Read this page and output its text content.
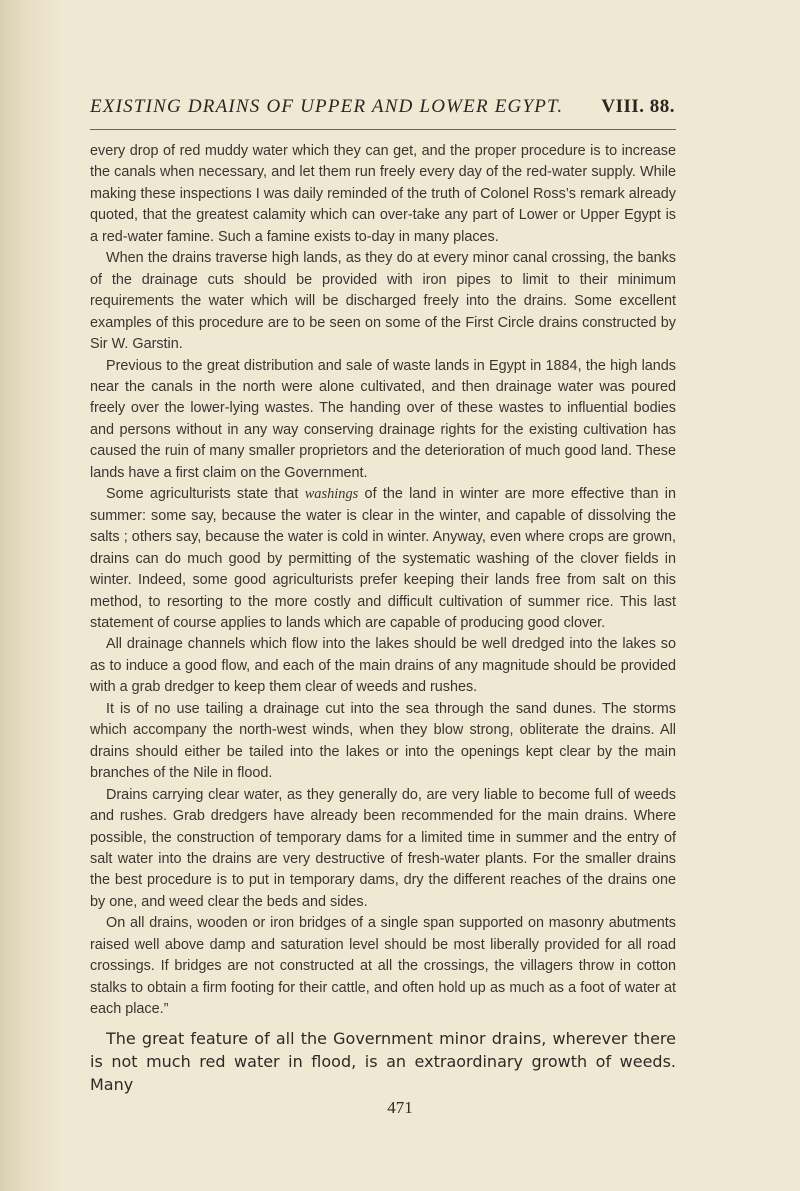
EXISTING DRAINS OF UPPER AND LOWER EGYPT. VIII. 88.

every drop of red muddy water which they can get, and the proper procedure is to increase the canals when necessary, and let them run freely every day of the red-water supply. While making these inspections I was daily reminded of the truth of Colonel Ross’s remark already quoted, that the greatest calamity which can over-take any part of Lower or Upper Egypt is a red-water famine. Such a famine exists to-day in many places.

When the drains traverse high lands, as they do at every minor canal crossing, the banks of the drainage cuts should be provided with iron pipes to limit to their minimum requirements the water which will be discharged freely into the drains. Some excellent examples of this procedure are to be seen on some of the First Circle drains constructed by Sir W. Garstin.

Previous to the great distribution and sale of waste lands in Egypt in 1884, the high lands near the canals in the north were alone cultivated, and then drainage water was poured freely over the lower-lying wastes. The handing over of these wastes to influential bodies and persons without in any way conserving drainage rights for the existing cultivation has caused the ruin of many smaller proprietors and the deterioration of much good land. These lands have a first claim on the Government.

Some agriculturists state that washings of the land in winter are more effective than in summer: some say, because the water is clear in the winter, and capable of dissolving the salts ; others say, because the water is cold in winter. Anyway, even where crops are grown, drains can do much good by permitting of the systematic washing of the clover fields in winter. Indeed, some good agriculturists prefer keeping their lands free from salt on this method, to resorting to the more costly and difficult cultivation of summer rice. This last statement of course applies to lands which are capable of producing good clover.

All drainage channels which flow into the lakes should be well dredged into the lakes so as to induce a good flow, and each of the main drains of any magnitude should be provided with a grab dredger to keep them clear of weeds and rushes.

It is of no use tailing a drainage cut into the sea through the sand dunes. The storms which accompany the north-west winds, when they blow strong, obliterate the drains. All drains should either be tailed into the lakes or into the openings kept clear by the main branches of the Nile in flood.

Drains carrying clear water, as they generally do, are very liable to become full of weeds and rushes. Grab dredgers have already been recommended for the main drains. Where possible, the construction of temporary dams for a limited time in summer and the entry of salt water into the drains are very destructive of fresh-water plants. For the smaller drains the best procedure is to put in temporary dams, dry the different reaches of the drains one by one, and weed clear the beds and sides.

On all drains, wooden or iron bridges of a single span supported on masonry abutments raised well above damp and saturation level should be most liberally provided for all road crossings. If bridges are not constructed at all the crossings, the villagers throw in cotton stalks to obtain a firm footing for their cattle, and often hold up as much as a foot of water at each place.”

The great feature of all the Government minor drains, wherever there is not much red water in flood, is an extraordinary growth of weeds. Many

471
